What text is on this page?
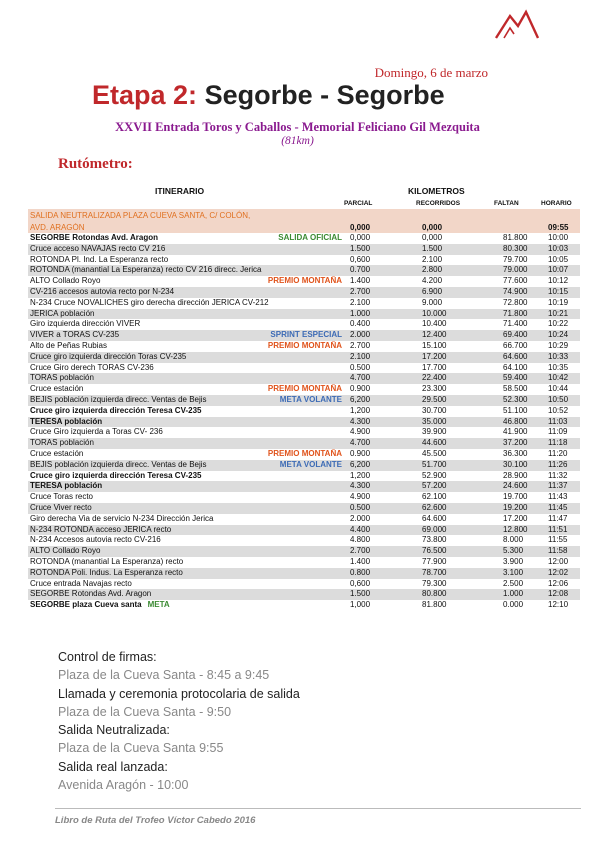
Domingo, 6 de marzo
Etapa 2: Segorbe - Segorbe
XXVII Entrada Toros y Caballos - Memorial Feliciano Gil Mezquita
(81km)
Rutómetro:
ITINERARIO	KILOMETROS
PARCIAL	RECORRIDOS	FALTAN	HORARIO
SALIDA NEUTRALIZADA PLAZA CUEVA SANTA, C/ COLÓN,				
AVD. ARAGÓN	0,000	0,000		09:55
SEGORBE Rotondas Avd. Aragon SALIDA OFICIAL	0,000	0,000	81.800	10:00
Cruce acceso NAVAJAS recto CV 216	1.500	1.500	80.300	10:03
ROTONDA Pl. Ind. La Esperanza recto	0,600	2.100	79.700	10:05
ROTONDA (manantial La Esperanza) recto CV 216 direcc. Jerica	0.700	2.800	79.000	10:07
ALTO Collado Royo PREMIO MONTAÑA	1.400	4.200	77.600	10:12
CV-216 accesos autovia recto por N-234	2.700	6.900	74.900	10:15
N-234 Cruce NOVALICHES giro derecha dirección JERICA CV-212	2.100	9.000	72.800	10:19
JERICA población	1.000	10.000	71.800	10:21
Giro izquierda dirección VIVER	0.400	10.400	71.400	10:22
VIVER a TORAS CV-235 SPRINT ESPECIAL	2.000	12.400	69.400	10:24
Alto de Peñas Rubias PREMIO MONTAÑA	2.700	15.100	66.700	10:29
Cruce giro izquierda dirección Toras CV-235	2.100	17.200	64.600	10:33
Cruce Giro derech TORAS CV-236	0.500	17.700	64.100	10:35
TORAS población	4.700	22.400	59.400	10:42
Cruce estación PREMIO MONTAÑA	0.900	23.300	58.500	10:44
BEJIS población izquierda direcc. Ventas de Bejis META VOLANTE	6,200	29.500	52.300	10:50
Cruce giro izquierda dirección Teresa CV-235	1,200	30.700	51.100	10:52
TERESA población	4.300	35.000	46.800	11:03
Cruce Giro izquierda a Toras CV- 236	4.900	39.900	41.900	11:09
TORAS población	4.700	44.600	37.200	11:18
Cruce estación PREMIO MONTAÑA	0.900	45.500	36.300	11:20
BEJIS población izquierda direcc. Ventas de Bejis META VOLANTE	6,200	51.700	30.100	11:26
Cruce giro izquierda dirección Teresa CV-235	1,200	52.900	28.900	11:32
TERESA población	4.300	57.200	24.600	11:37
Cruce Toras recto	4.900	62.100	19.700	11:43
Cruce Viver recto	0.500	62.600	19.200	11:45
Giro derecha Via de servicio N-234 Dirección Jerica	2.000	64.600	17.200	11:47
N-234 ROTONDA acceso JERICA recto	4.400	69.000	12.800	11:51
N-234 Accesos autovia recto CV-216	4.800	73.800	8.000	11:55
ALTO Collado Royo	2.700	76.500	5.300	11:58
ROTONDA (manantial La Esperanza) recto	1.400	77.900	3.900	12:00
ROTONDA Poli. Indus. La Esperanza recto	0.800	78.700	3.100	12:02
Cruce entrada Navajas recto	0,600	79.300	2.500	12:06
SEGORBE Rotondas Avd. Aragon	1.500	80.800	1.000	12:08
SEGORBE plaza Cueva santa META	1,000	81.800	0.000	12:10
Control de firmas:
Plaza de la Cueva Santa - 8:45 a 9:45
Llamada y ceremonia protocolaria de salida
Plaza de la Cueva Santa - 9:50
Salida Neutralizada:
Plaza de la Cueva Santa 9:55
Salida real lanzada:
Avenida Aragón - 10:00
Libro de Ruta del Trofeo Víctor Cabedo 2016
